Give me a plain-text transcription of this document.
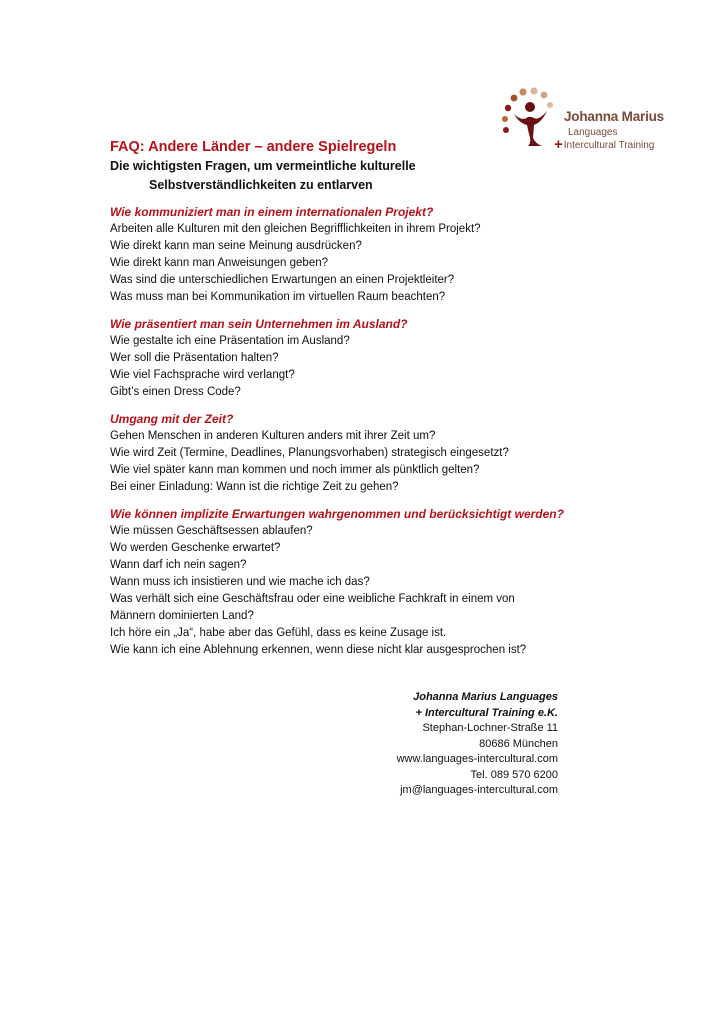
Johanna Marius
Languages
+Intercultural Training
FAQ: Andere Länder – andere Spielregeln
Die wichtigsten Fragen, um vermeintliche kulturelle
Selbstverständlichkeiten zu entlarven
Wie kommuniziert man in einem internationalen Projekt?
Arbeiten alle Kulturen mit den gleichen Begrifflichkeiten in ihrem Projekt?
Wie direkt kann man seine Meinung ausdrücken?
Wie direkt kann man Anweisungen geben?
Was sind die unterschiedlichen Erwartungen an einen Projektleiter?
Was muss man bei Kommunikation im virtuellen Raum beachten?
Wie präsentiert man sein Unternehmen im Ausland?
Wie gestalte ich eine Präsentation im Ausland?
Wer soll die Präsentation halten?
Wie viel Fachsprache wird verlangt?
Gibt’s einen Dress Code?
Umgang mit der Zeit?
Gehen Menschen in anderen Kulturen anders mit ihrer Zeit um?
Wie wird Zeit (Termine, Deadlines, Planungsvorhaben) strategisch eingesetzt?
Wie viel später kann man kommen und noch immer als pünktlich gelten?
Bei einer Einladung: Wann ist die richtige Zeit zu gehen?
Wie können implizite Erwartungen wahrgenommen und berücksichtigt werden?
Wie müssen Geschäftsessen ablaufen?
Wo werden Geschenke erwartet?
Wann darf ich nein sagen?
Wann muss ich insistieren und wie mache ich das?
Was verhält sich eine Geschäftsfrau oder eine weibliche Fachkraft in einem von
Männern dominierten Land?
Ich höre ein „Ja“, habe aber das Gefühl, dass es keine Zusage ist.
Wie kann ich eine Ablehnung erkennen, wenn diese nicht klar ausgesprochen ist?
Johanna Marius Languages
+ Intercultural Training e.K.
Stephan-Lochner-Straße 11
80686 München
www.languages-intercultural.com
Tel. 089 570 6200
jm@languages-intercultural.com
